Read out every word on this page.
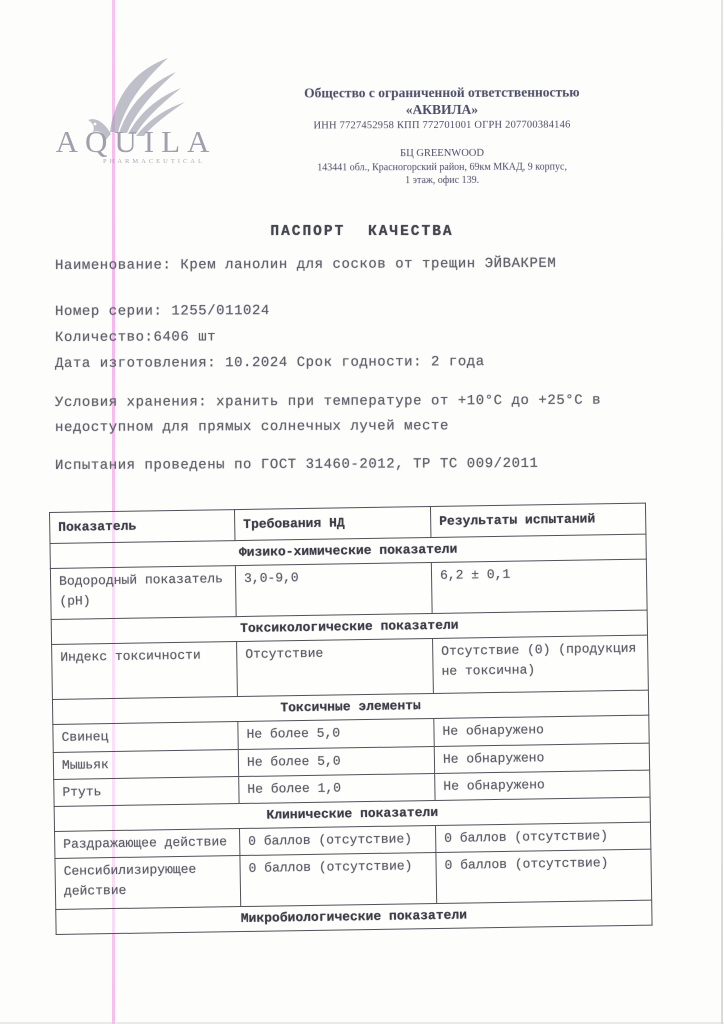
AQUILA
PHARMACEUTICAL
Общество с ограниченной ответственностью
«АКВИЛА»
ИНН 7727452958 КПП 772701001 ОГРН 207700384146
БЦ GREENWOOD
143441 обл., Красногорский район, 69км МКАД, 9 корпус,
1 этаж, офис 139.
ПАСПОРТ КАЧЕСТВА
Наименование: Крем ланолин для сосков от трещин ЭЙВАКРЕМ
Номер серии: 1255/011024
Количество:6406 шт
Дата изготовления: 10.2024 Срок годности: 2 года
Условия хранения: хранить при температуре от +10°С до +25°С в
недоступном для прямых солнечных лучей месте
Испытания проведены по ГОСТ 31460-2012, ТР ТС 009/2011
Показатель	Требования НД	Результаты испытаний
Физико-химические показатели		
Водородный показатель (pH)	3,0-9,0	6,2 ± 0,1
Токсикологические показатели		
Индекс токсичности	Отсутствие	Отсутствие (0) (продукция не токсична)
Токсичные элементы		
Свинец	Не более 5,0	Не обнаружено
Мышьяк	Не более 5,0	Не обнаружено
Ртуть	Не более 1,0	Не обнаружено
Клинические показатели		
Раздражающее действие	0 баллов (отсутствие)	0 баллов (отсутствие)
Сенсибилизирующее действие	0 баллов (отсутствие)	0 баллов (отсутствие)
Микробиологические показатели		
